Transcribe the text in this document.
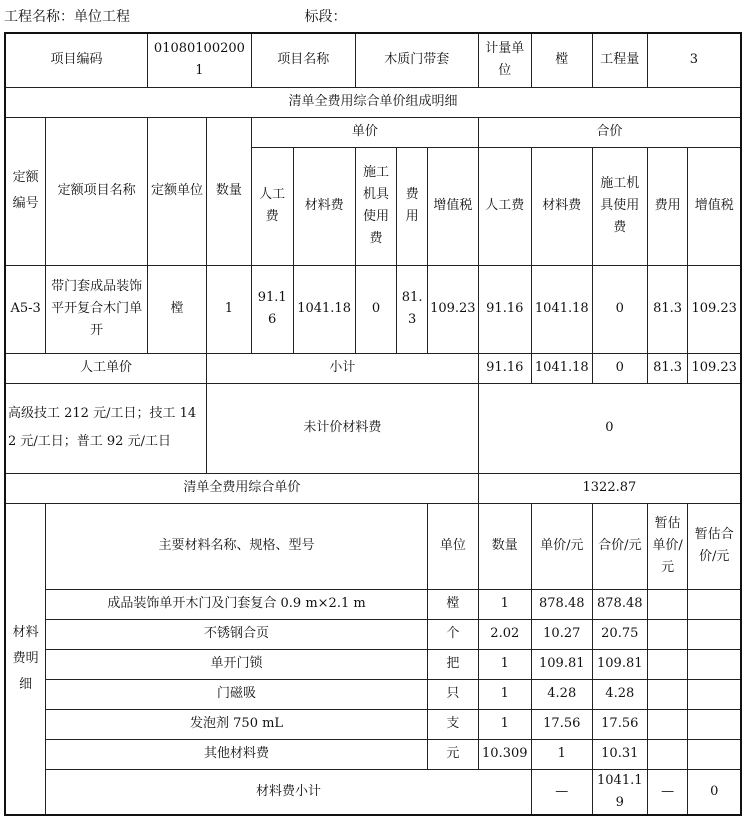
工程名称：单位工程	标段：
项目编码		010801002001		项目名称		木质门带套			计量单位	樘	工程量	3	
清单全费用综合单价组成明细													
定额编号	定额项目名称	定额单位	数量	单价					合价				
				人工费	材料费	施工机具使用费	费用	增值税	人工费	材料费	施工机具使用费	费用	增值税
A5-3	带门套成品装饰平开复合木门单开	樘	1	91.16	1041.18	0	81.3	109.23	91.16	1041.18	0	81.3	109.23
人工单价			小计						91.16	1041.18	0	81.3	109.23
高级技工 212 元/工日；技工 142 元/工日；普工 92 元/工日			未计价材料费						0				
清单全费用综合单价									1322.87				
材料费明细	主要材料名称、规格、型号							单位	数量	单价/元	合价/元	暂估单价/元	暂估合价/元
	成品装饰单开木门及门套复合 0.9 m×2.1 m							樘	1	878.48	878.48		
	不锈钢合页							个	2.02	10.27	20.75		
	单开门锁							把	1	109.81	109.81		
	门磁吸							只	1	4.28	4.28		
	发泡剂 750 mL							支	1	17.56	17.56		
	其他材料费							元	10.309	1	10.31		
	材料费小计									—	1041.19	—	0
